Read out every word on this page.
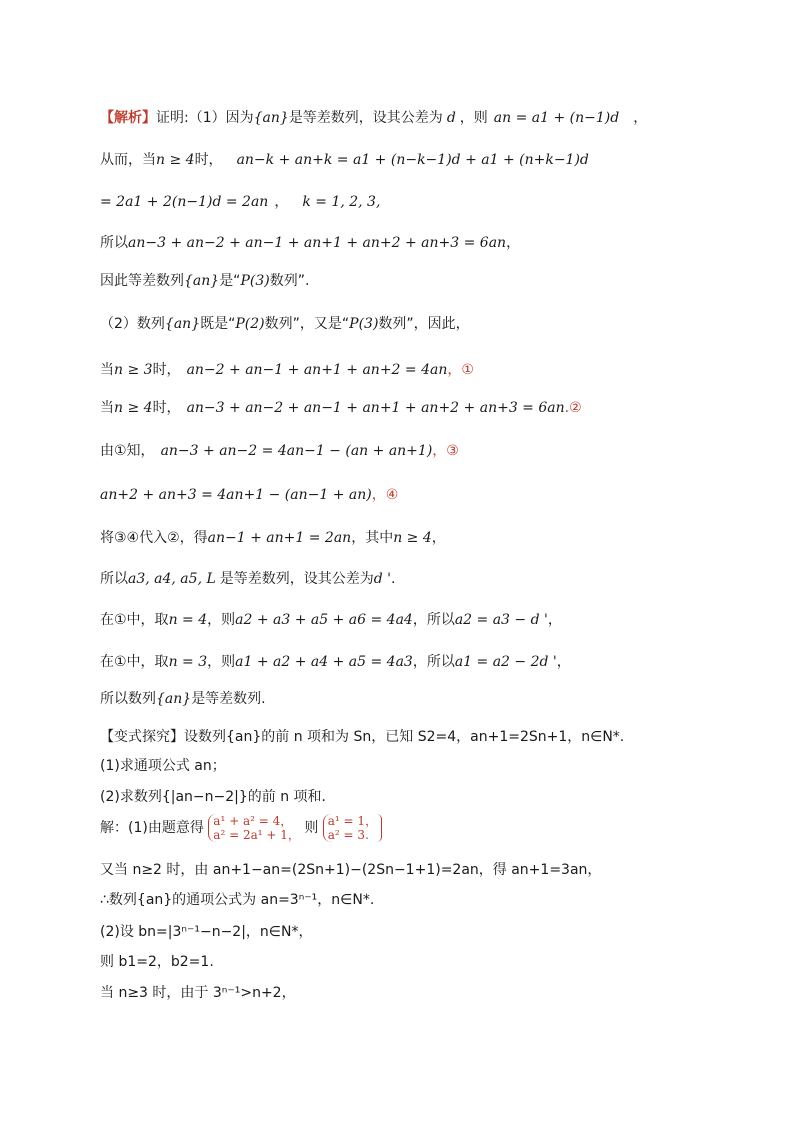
【解析】证明:（1）因为{an}是等差数列，设其公差为 d ，则 an = a1 + (n−1)d ，
从而，当n ≥ 4时， an−k + an+k = a1 + (n−k−1)d + a1 + (n+k−1)d
= 2a1 + 2(n−1)d = 2an ， k = 1, 2, 3,
所以an−3 + an−2 + an−1 + an+1 + an+2 + an+3 = 6an，
因此等差数列{an}是“P(3)数列”.
（2）数列{an}既是“P(2)数列”，又是“P(3)数列”，因此，
当n ≥ 3时， an−2 + an−1 + an+1 + an+2 = 4an，①
当n ≥ 4时， an−3 + an−2 + an−1 + an+1 + an+2 + an+3 = 6an.②
由①知， an−3 + an−2 = 4an−1 − (an + an+1)，③
an+2 + an+3 = 4an+1 − (an−1 + an)，④
将③④代入②，得an−1 + an+1 = 2an，其中n ≥ 4，
所以a3, a4, a5, L 是等差数列，设其公差为d '.
在①中，取n = 4，则a2 + a3 + a5 + a6 = 4a4，所以a2 = a3 − d '，
在①中，取n = 3，则a1 + a2 + a4 + a5 = 4a3，所以a1 = a2 − 2d '，
所以数列{an}是等差数列.
【变式探究】设数列{an}的前 n 项和为 Sn，已知 S2=4，an+1=2Sn+1，n∈N*.
(1)求通项公式 an；
(2)求数列{|an−n−2|}的前 n 项和．
解：(1)由题意得 a¹ + a² = 4，
a² = 2a¹ + 1， 则 a¹ = 1，
a² = 3.
又当 n≥2 时，由 an+1−an=(2Sn+1)−(2Sn−1+1)=2an，得 an+1=3an，
∴数列{an}的通项公式为 an=3ⁿ⁻¹，n∈N*.
(2)设 bn=|3ⁿ⁻¹−n−2|，n∈N*，
则 b1=2，b2=1.
当 n≥3 时，由于 3ⁿ⁻¹>n+2，
